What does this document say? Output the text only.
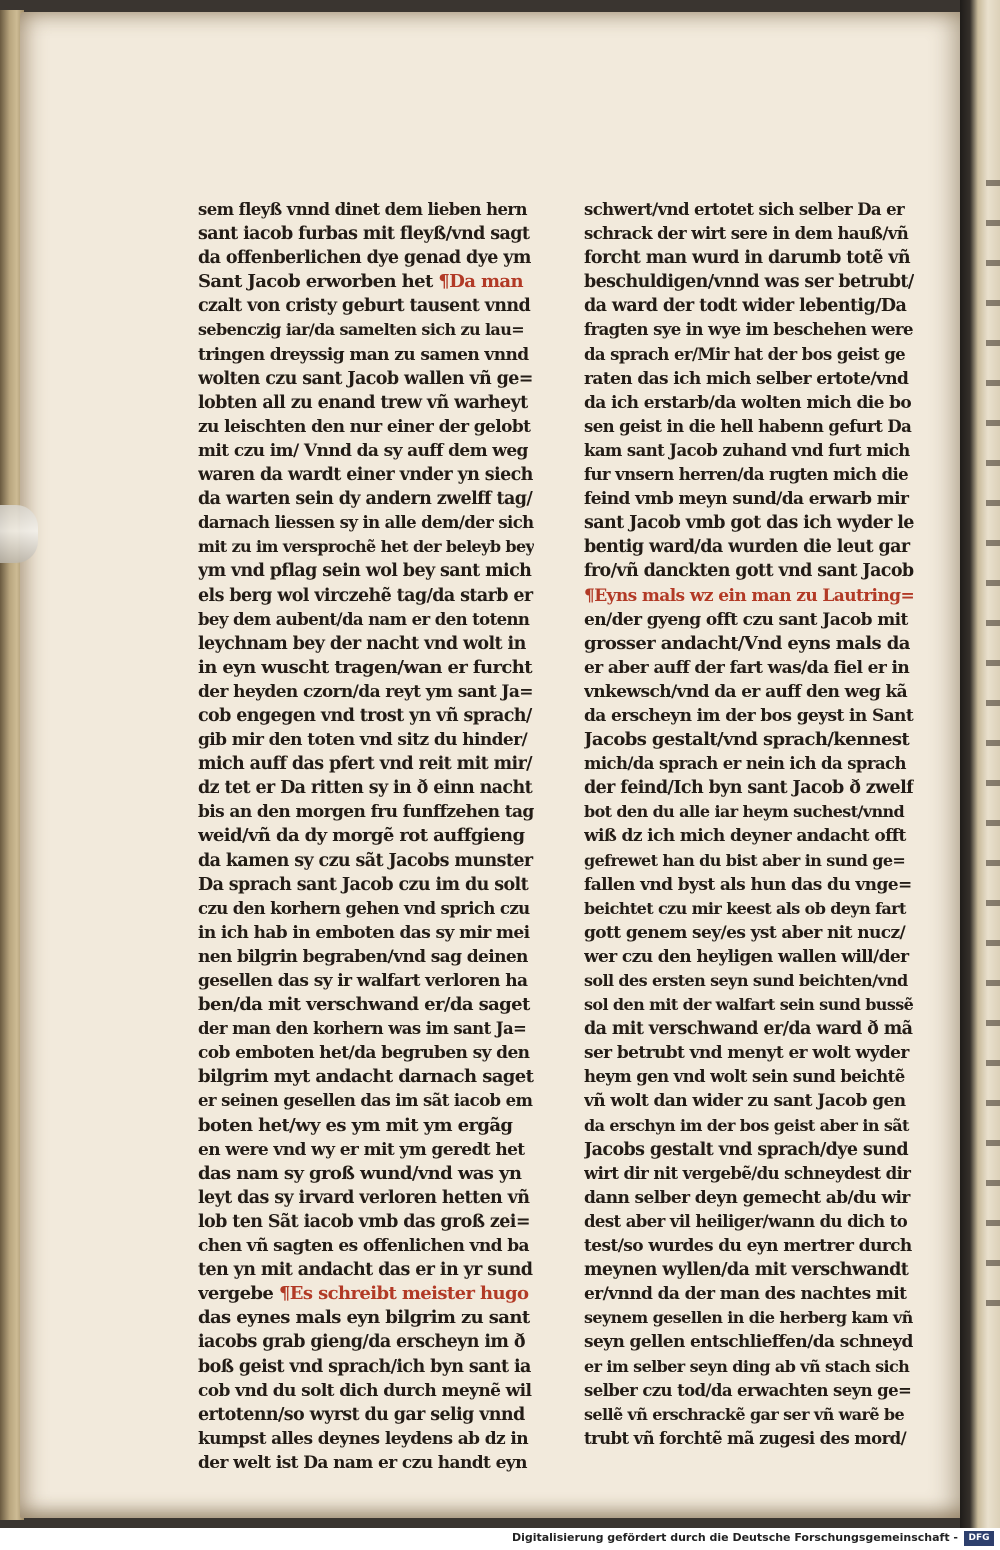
sem fleyß vnnd dinet dem lieben hern
sant iacob furbas mit fleyß/vnd sagt
da offenberlichen dye genad dye ym
Sant Jacob erworben het ¶Da man
czalt von cristy geburt tausent vnnd
sebenczig iar/da samelten sich zu lau=
tringen dreyssig man zu samen vnnd
wolten czu sant Jacob wallen vñ ge=
lobten all zu enand trew vñ warheyt
zu leischten den nur einer der gelobt
mit czu im/ Vnnd da sy auff dem weg
waren da wardt einer vnder yn siech
da warten sein dy andern zwelff tag/
darnach liessen sy in alle dem/der sich
mit zu im versprochẽ het der beleyb bey
ym vnd pflag sein wol bey sant mich
els berg wol virczehẽ tag/da starb er
bey dem aubent/da nam er den totenn
leychnam bey der nacht vnd wolt in
in eyn wuscht tragen/wan er furcht
der heyden czorn/da reyt ym sant Ja=
cob engegen vnd trost yn vñ sprach/
gib mir den toten vnd sitz du hinder/
mich auff das pfert vnd reit mit mir/
dz tet er Da ritten sy in ð einn nacht
bis an den morgen fru funffzehen tag
weid/vñ da dy morgẽ rot auffgieng
da kamen sy czu sãt Jacobs munster
Da sprach sant Jacob czu im du solt
czu den korhern gehen vnd sprich czu
in ich hab in emboten das sy mir mei
nen bilgrin begraben/vnd sag deinen
gesellen das sy ir walfart verloren ha
ben/da mit verschwand er/da saget
der man den korhern was im sant Ja=
cob emboten het/da begruben sy den
bilgrim myt andacht darnach saget
er seinen gesellen das im sãt iacob em
boten het/wy es ym mit ym ergãg
en were vnd wy er mit ym geredt het
das nam sy groß wund/vnd was yn
leyt das sy irvard verloren hetten vñ
lob ten Sãt iacob vmb das groß zei=
chen vñ sagten es offenlichen vnd ba
ten yn mit andacht das er in yr sund
vergebe ¶Es schreibt meister hugo
das eynes mals eyn bilgrim zu sant
iacobs grab gieng/da erscheyn im ð
boß geist vnd sprach/ich byn sant ia
cob vnd du solt dich durch meynẽ wil
ertotenn/so wyrst du gar selig vnnd
kumpst alles deynes leydens ab dz in
der welt ist Da nam er czu handt eyn
schwert/vnd ertotet sich selber Da er
schrack der wirt sere in dem hauß/vñ
forcht man wurd in darumb totẽ vñ
beschuldigen/vnnd was ser betrubt/
da ward der todt wider lebentig/Da
fragten sye in wye im beschehen were
da sprach er/Mir hat der bos geist ge
raten das ich mich selber ertote/vnd
da ich erstarb/da wolten mich die bo
sen geist in die hell habenn gefurt Da
kam sant Jacob zuhand vnd furt mich
fur vnsern herren/da rugten mich die
feind vmb meyn sund/da erwarb mir
sant Jacob vmb got das ich wyder le
bentig ward/da wurden die leut gar
fro/vñ danckten gott vnd sant Jacob
¶Eyns mals wz ein man zu Lautring=
en/der gyeng offt czu sant Jacob mit
grosser andacht/Vnd eyns mals da
er aber auff der fart was/da fiel er in
vnkewsch/vnd da er auff den weg kã
da erscheyn im der bos geyst in Sant
Jacobs gestalt/vnd sprach/kennest
mich/da sprach er nein ich da sprach
der feind/Ich byn sant Jacob ð zwelf
bot den du alle iar heym suchest/vnnd
wiß dz ich mich deyner andacht offt
gefrewet han du bist aber in sund ge=
fallen vnd byst als hun das du vnge=
beichtet czu mir keest als ob deyn fart
gott genem sey/es yst aber nit nucz/
wer czu den heyligen wallen will/der
soll des ersten seyn sund beichten/vnd
sol den mit der walfart sein sund bussẽ
da mit verschwand er/da ward ð mã
ser betrubt vnd menyt er wolt wyder
heym gen vnd wolt sein sund beichtẽ
vñ wolt dan wider zu sant Jacob gen
da erschyn im der bos geist aber in sãt
Jacobs gestalt vnd sprach/dye sund
wirt dir nit vergebẽ/du schneydest dir
dann selber deyn gemecht ab/du wir
dest aber vil heiliger/wann du dich to
test/so wurdes du eyn mertrer durch
meynen wyllen/da mit verschwandt
er/vnnd da der man des nachtes mit
seynem gesellen in die herberg kam vñ
seyn gellen entschlieffen/da schneyd
er im selber seyn ding ab vñ stach sich
selber czu tod/da erwachten seyn ge=
sellẽ vñ erschrackẽ gar ser vñ warẽ be
trubt vñ forchtẽ mã zugesi des mord/
Digitalisierung gefördert durch die Deutsche Forschungsgemeinschaft -	DFG
